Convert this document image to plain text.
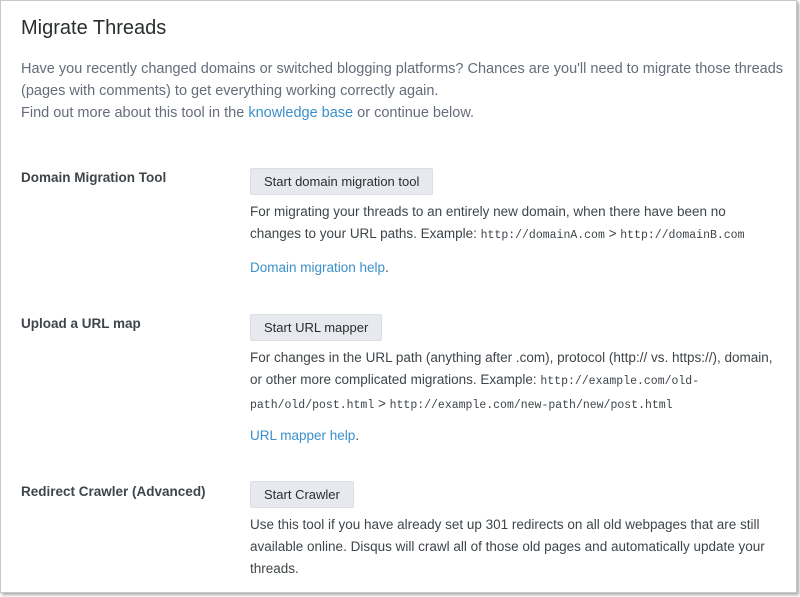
Migrate Threads

Have you recently changed domains or switched blogging platforms? Chances are you'll need to migrate those threads (pages with comments) to get everything working correctly again.

Find out more about this tool in the knowledge base or continue below.

Domain Migration Tool	Start domain migration tool
For migrating your threads to an entirely new domain, when there have been no changes to your URL paths. Example: http://domainA.com > http://domainB.com
Domain migration help.
Upload a URL map	Start URL mapper
For changes in the URL path (anything after .com), protocol (http:// vs. https://), domain, or other more complicated migrations. Example: http://example.com/old-path/old/post.html > http://example.com/new-path/new/post.html
URL mapper help.
Redirect Crawler (Advanced)	Start Crawler
Use this tool if you have already set up 301 redirects on all old webpages that are still available online. Disqus will crawl all of those old pages and automatically update your threads.
